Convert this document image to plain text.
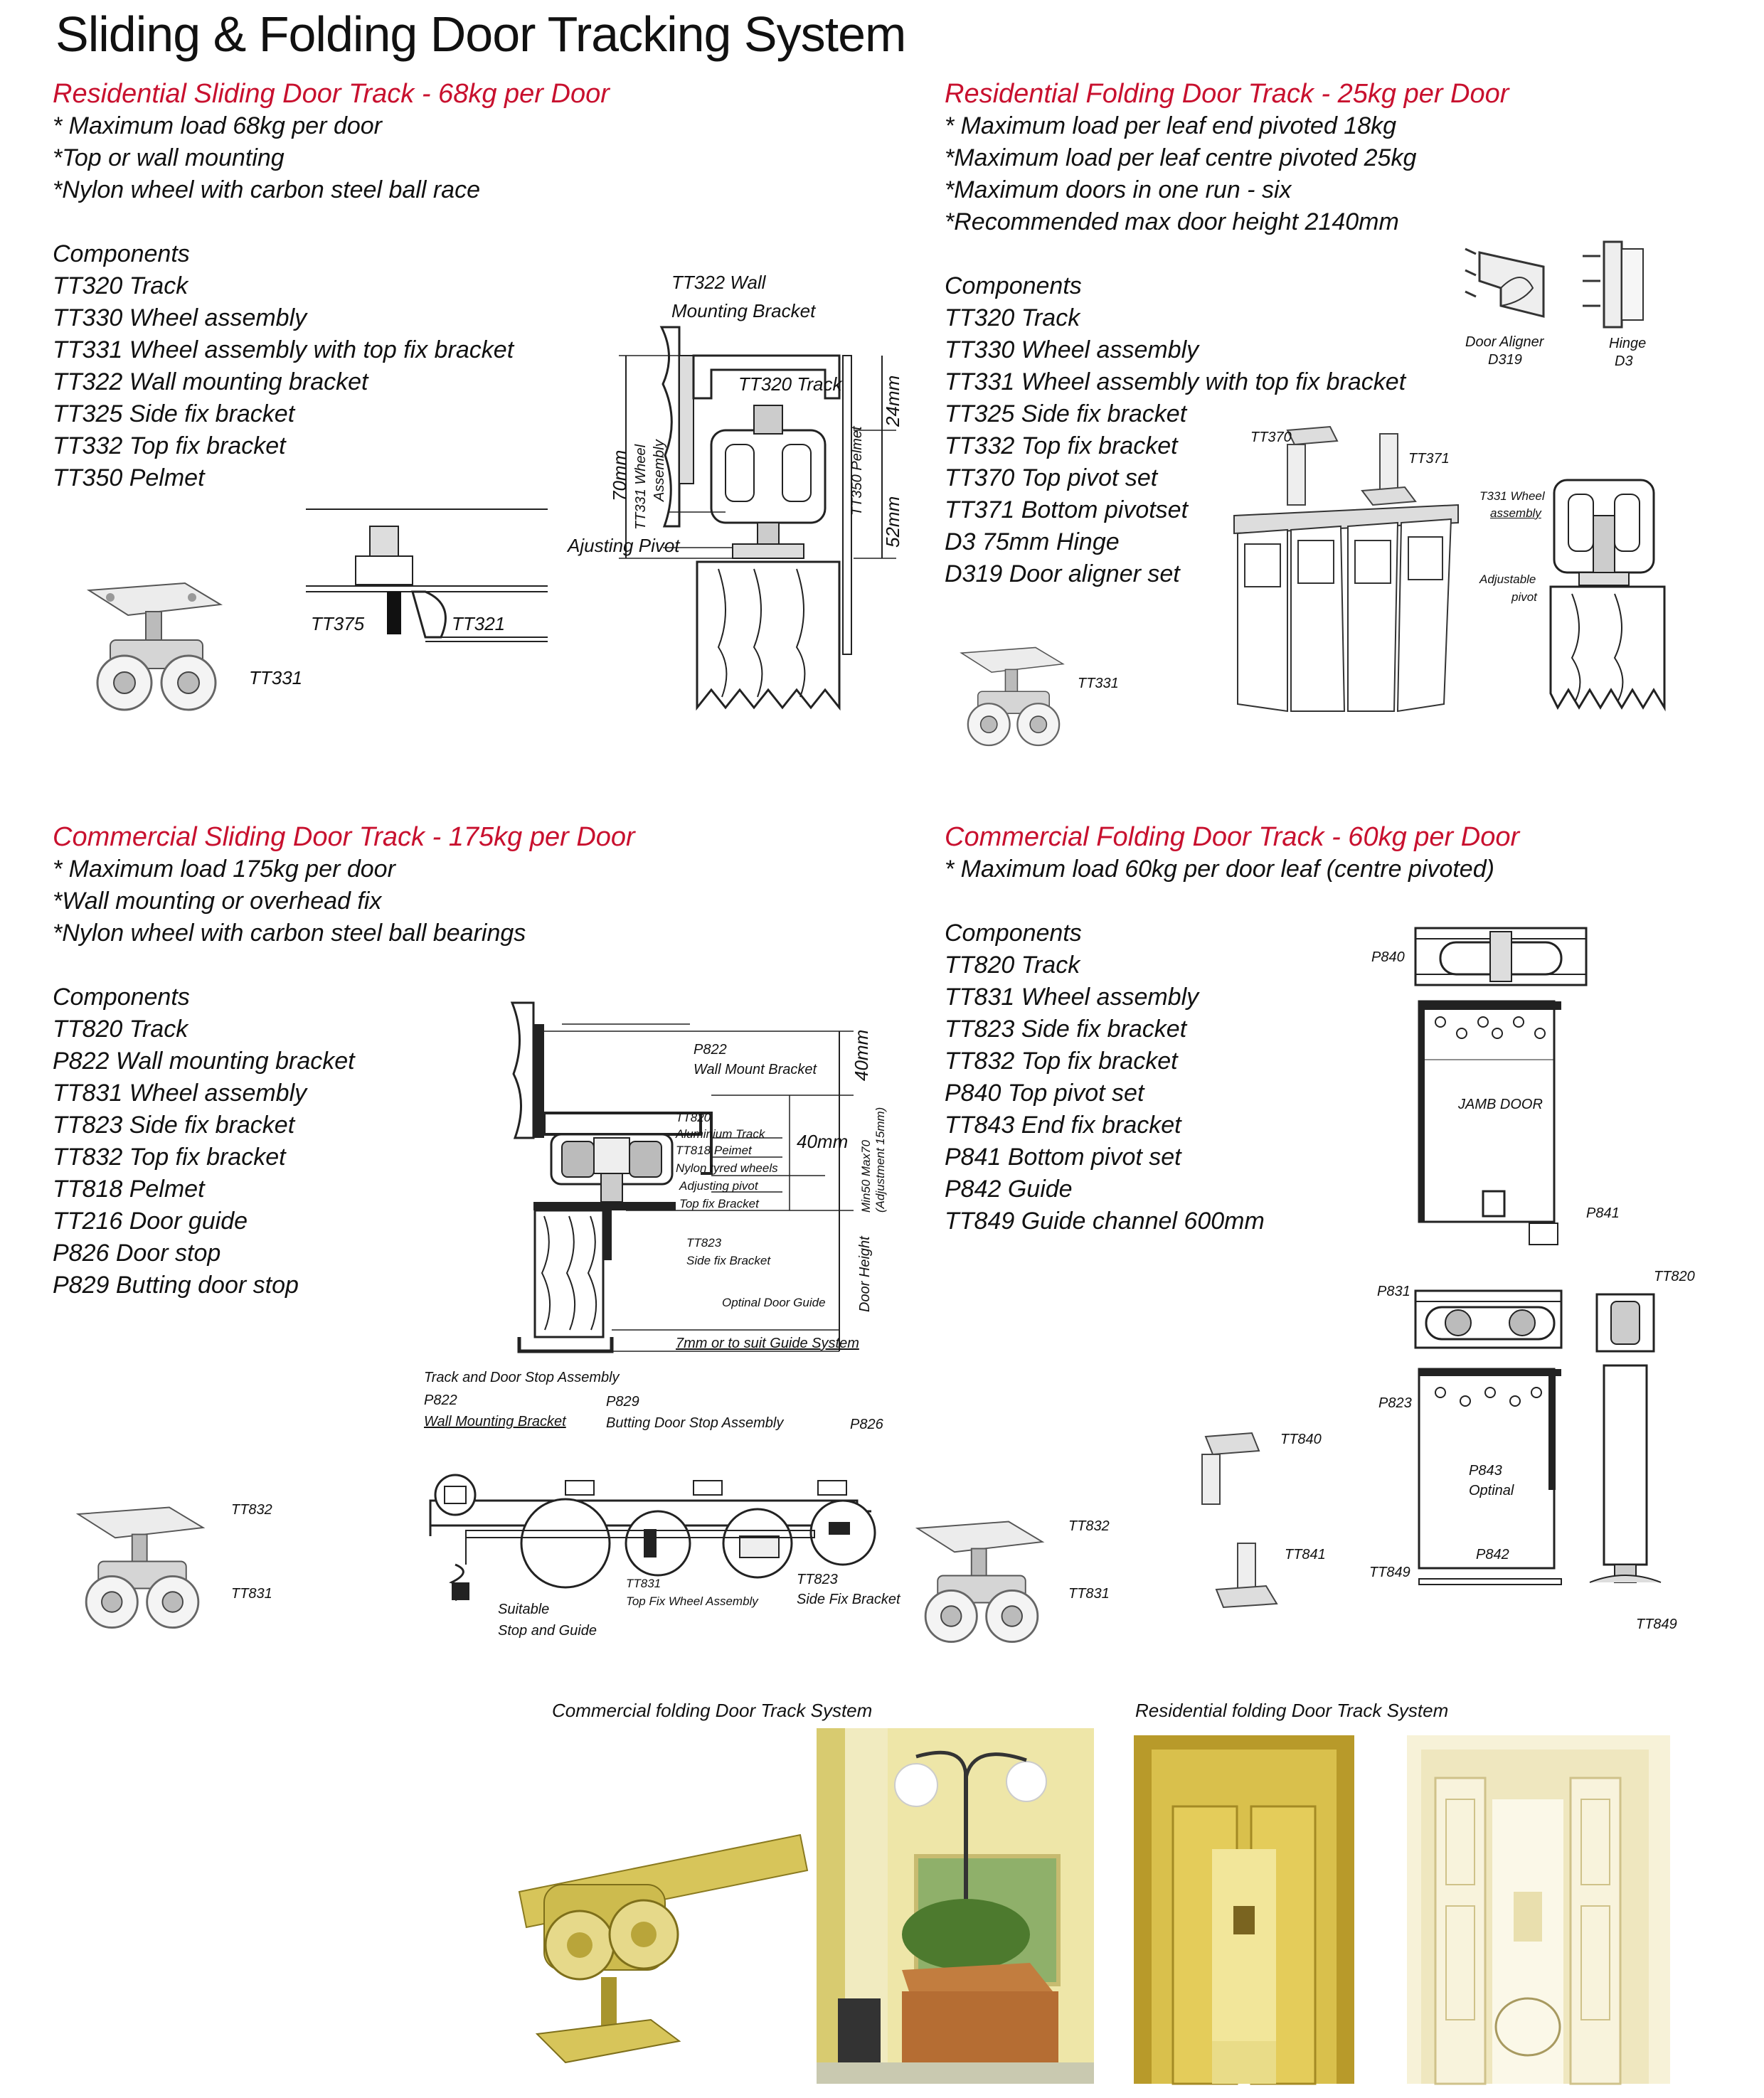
Sliding & Folding Door Tracking System
Residential Sliding Door Track - 68kg per Door
* Maximum load 68kg per door
*Top or wall mounting
*Nylon wheel with carbon steel ball race
Components
TT320 Track
TT330 Wheel assembly
TT331 Wheel assembly with top fix bracket
TT322 Wall mounting bracket
TT325 Side fix bracket
TT332 Top fix bracket
TT350 Pelmet
TT331
TT375	TT321
TT322 Wall
Mounting Bracket
TT320 Track
Ajusting Pivot
70mm TT331 Wheel Assembly	TT350 Pelmet
24mm
52mm
Residential Folding Door Track - 25kg per Door
* Maximum load per leaf end pivoted 18kg
*Maximum load per leaf centre pivoted 25kg
*Maximum doors in one run - six
*Recommended max door height 2140mm
Components
TT320 Track
TT330 Wheel assembly
TT331 Wheel assembly with top fix bracket
TT325 Side fix bracket
TT332 Top fix bracket
TT370 Top pivot set
TT371 Bottom pivotset
D3 75mm Hinge
D319 Door aligner set
Door Aligner
D319
Hinge
D3
TT370
TT371
T331 Wheel
assembly
Adjustable
pivot
TT331
Commercial Sliding Door Track - 175kg per Door
* Maximum load 175kg per door
*Wall mounting or overhead fix
*Nylon wheel with carbon steel ball bearings
Components
TT820 Track
P822 Wall mounting bracket
TT831 Wheel assembly
TT823 Side fix bracket
TT832 Top fix bracket
TT818 Pelmet
TT216 Door guide
P826 Door stop
P829 Butting door stop
P822
Wall Mount Bracket 40mm
TT820
Aluminium Track
TT818 Peimet
Nylon tyred wheels
Adjusting pivot
Top fix Bracket
40mm Min50 Max70 (Adjustment 15mm)
TT823
Side fix Bracket	Door Height
Optinal Door Guide
7mm or to suit Guide System
Track and Door Stop Assembly
P822
Wall Mounting Bracket
P829
Butting Door Stop Assembly	P826
TT831
Top Fix Wheel Assembly
TT823
Side Fix Bracket
Suitable
Stop and Guide
TT832
TT831
Commercial Folding Door Track - 60kg per Door
* Maximum load 60kg per door leaf (centre pivoted)
Components
TT820 Track
TT831 Wheel assembly
TT823 Side fix bracket
TT832 Top fix bracket
P840 Top pivot set
TT843 End fix bracket
P841 Bottom pivot set
P842 Guide
TT849 Guide channel 600mm
P840
JAMB DOOR
P841
P831
TT820
P823
P843
Optinal
P842
TT849
TT849
TT840
TT841
TT832
TT831
Commercial folding Door Track System	Residential folding Door Track System
